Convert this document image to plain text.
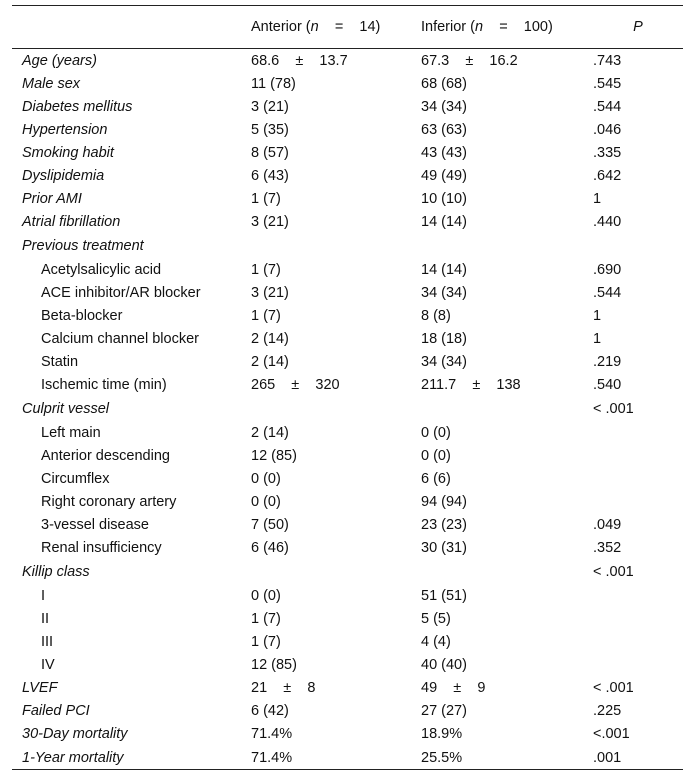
	Anterior (n    =    14)	Inferior (n    =    100)	P
Age (years)	68.6    ±    13.7	67.3    ±    16.2	.743
Male sex	11 (78)	68 (68)	.545
Diabetes mellitus	3 (21)	34 (34)	.544
Hypertension	5 (35)	63 (63)	.046
Smoking habit	8 (57)	43 (43)	.335
Dyslipidemia	6 (43)	49 (49)	.642
Prior AMI	1 (7)	10 (10)	1
Atrial fibrillation	3 (21)	14 (14)	.440
Previous treatment			
Acetylsalicylic acid	1 (7)	14 (14)	.690
ACE inhibitor/AR blocker	3 (21)	34 (34)	.544
Beta-blocker	1 (7)	8 (8)	1
Calcium channel blocker	2 (14)	18 (18)	1
Statin	2 (14)	34 (34)	.219
Ischemic time (min)	265    ±    320	211.7    ±    138	.540
Culprit vessel			< .001
Left main	2 (14)	0 (0)	
Anterior descending	12 (85)	0 (0)	
Circumflex	0 (0)	6 (6)	
Right coronary artery	0 (0)	94 (94)	
3-vessel disease	7 (50)	23 (23)	.049
Renal insufficiency	6 (46)	30 (31)	.352
Killip class			< .001
I	0 (0)	51 (51)	
II	1 (7)	5 (5)	
III	1 (7)	4 (4)	
IV	12 (85)	40 (40)	
LVEF	21    ±    8	49    ±    9	< .001
Failed PCI	6 (42)	27 (27)	.225
30-Day mortality	71.4%	18.9%	<.001
1-Year mortality	71.4%	25.5%	.001
